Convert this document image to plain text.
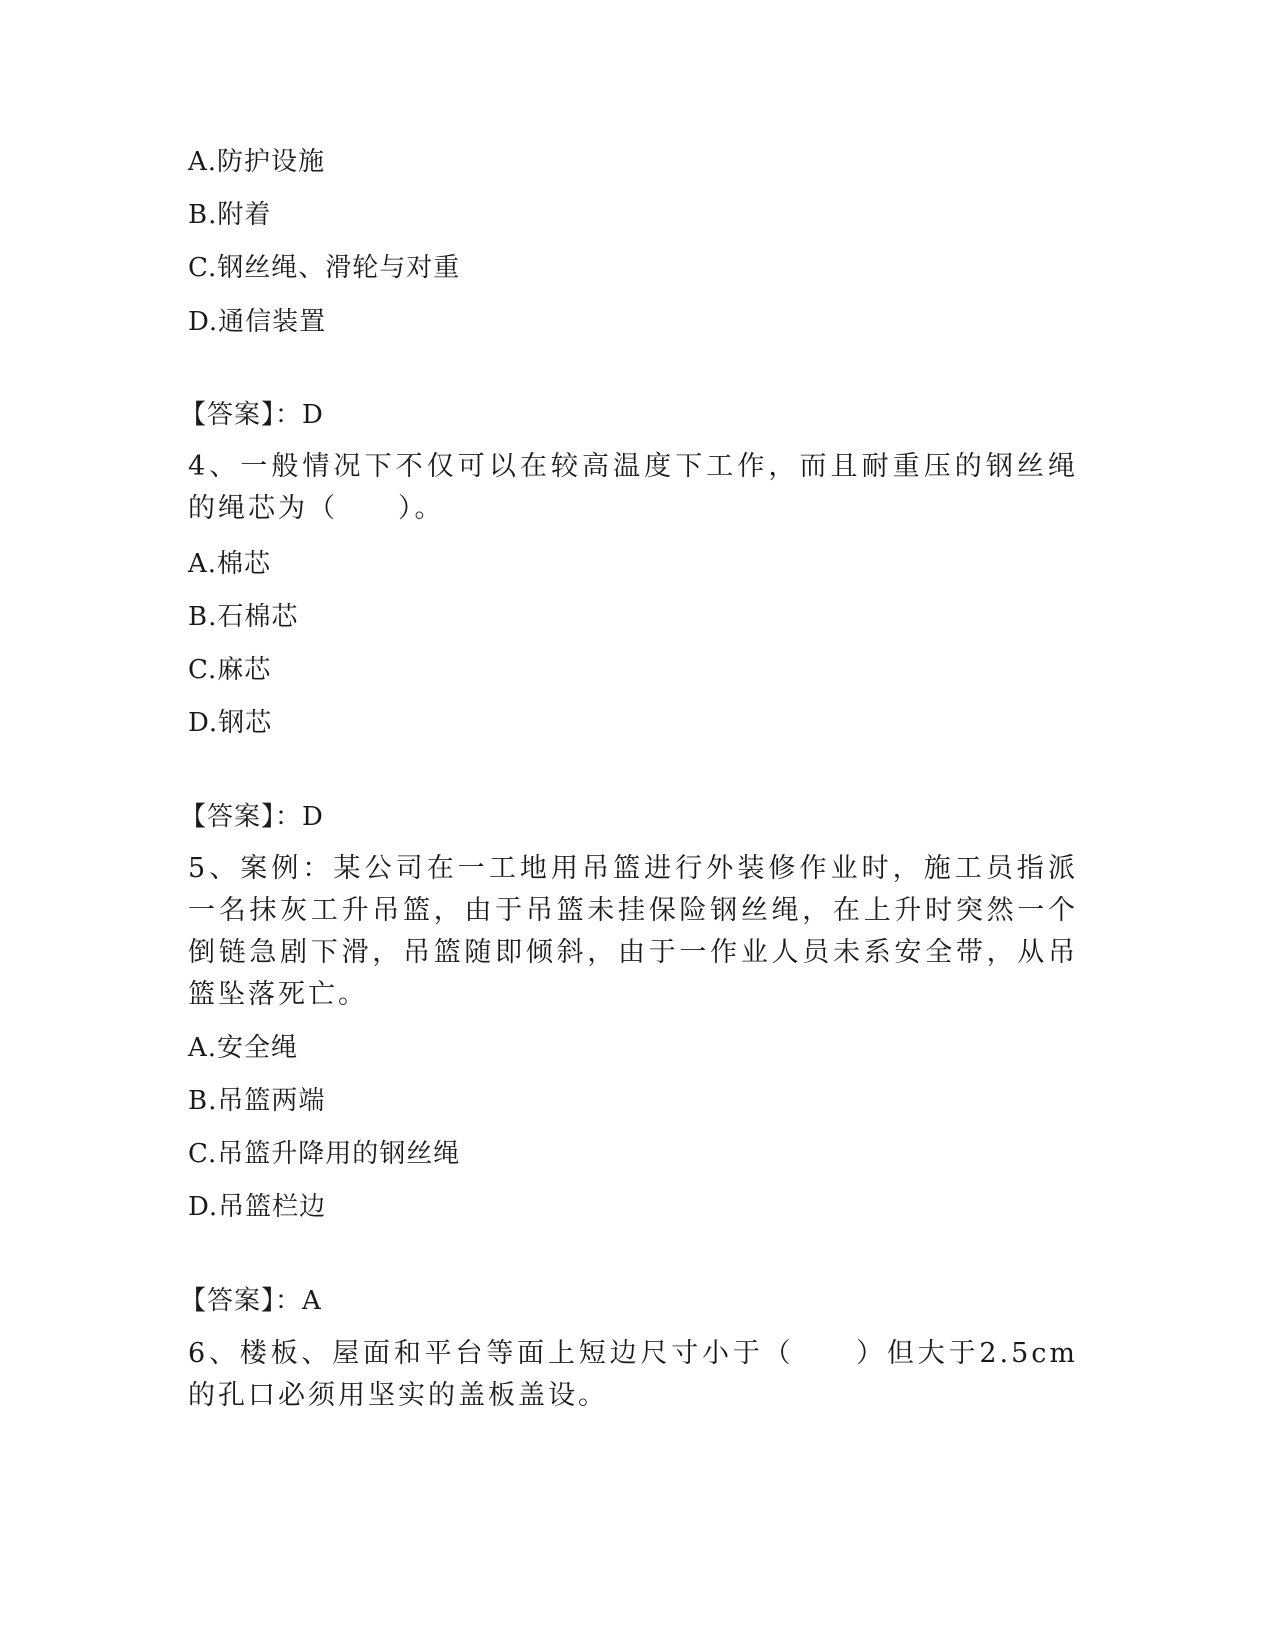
A.防护设施
B.附着
C.钢丝绳、滑轮与对重
D.通信装置
【答案】：D
4、一般情况下不仅可以在较高温度下工作，而且耐重压的钢丝绳的绳芯为（　　）。
A.棉芯
B.石棉芯
C.麻芯
D.钢芯
【答案】：D
5、案例：某公司在一工地用吊篮进行外装修作业时，施工员指派一名抹灰工升吊篮，由于吊篮未挂保险钢丝绳，在上升时突然一个倒链急剧下滑，吊篮随即倾斜，由于一作业人员未系安全带，从吊篮坠落死亡。
A.安全绳
B.吊篮两端
C.吊篮升降用的钢丝绳
D.吊篮栏边
【答案】：A
6、楼板、屋面和平台等面上短边尺寸小于（　　）但大于2.5cm的孔口必须用坚实的盖板盖设。
